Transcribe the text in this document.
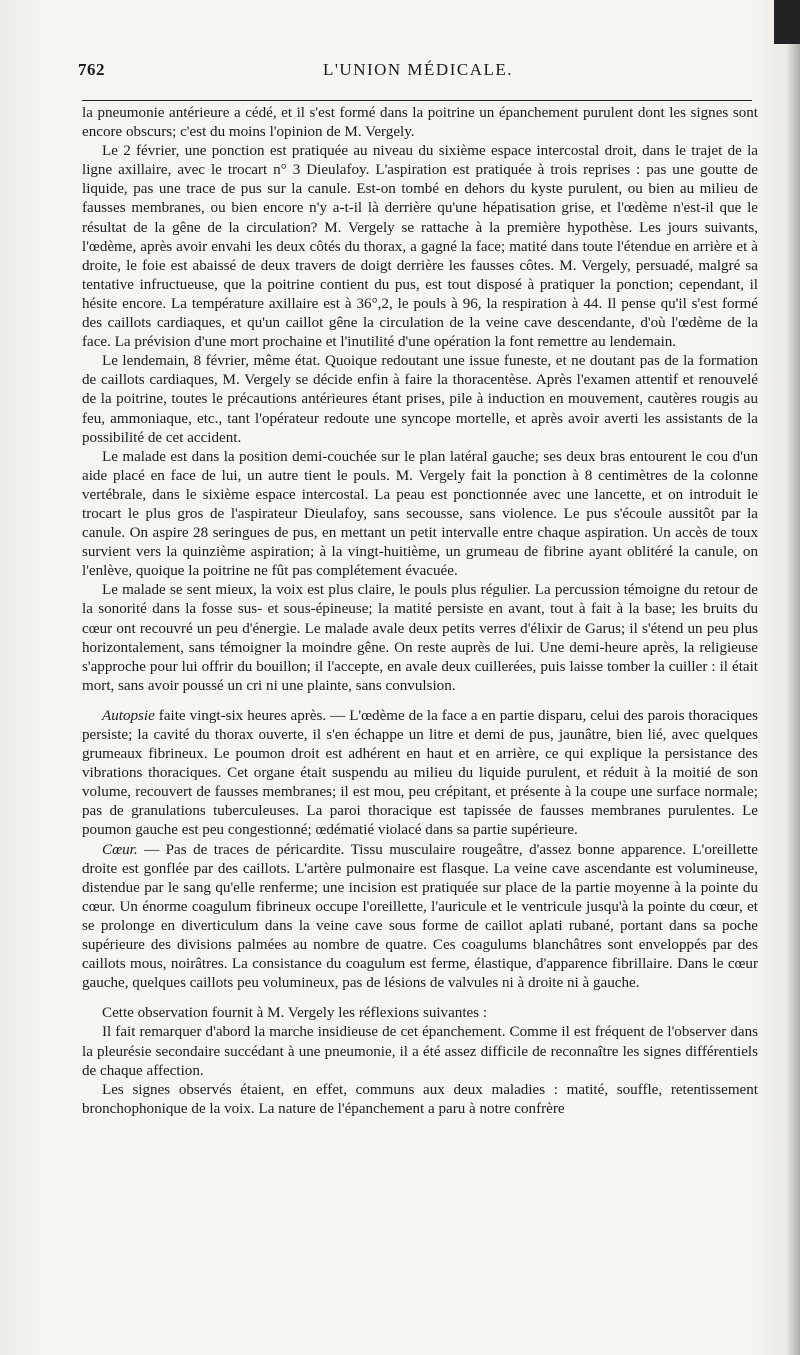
762	L'UNION MÉDICALE.

la pneumonie antérieure a cédé, et il s'est formé dans la poitrine un épanchement purulent dont les signes sont encore obscurs; c'est du moins l'opinion de M. Vergely.

Le 2 février, une ponction est pratiquée au niveau du sixième espace intercostal droit, dans le trajet de la ligne axillaire, avec le trocart n° 3 Dieulafoy. L'aspiration est pratiquée à trois reprises : pas une goutte de liquide, pas une trace de pus sur la canule. Est-on tombé en dehors du kyste purulent, ou bien au milieu de fausses membranes, ou bien encore n'y a-t-il là derrière qu'une hépatisation grise, et l'œdème n'est-il que le résultat de la gêne de la circulation? M. Vergely se rattache à la première hypothèse. Les jours suivants, l'œdème, après avoir envahi les deux côtés du thorax, a gagné la face; matité dans toute l'étendue en arrière et à droite, le foie est abaissé de deux travers de doigt derrière les fausses côtes. M. Vergely, persuadé, malgré sa tentative infructueuse, que la poitrine contient du pus, est tout disposé à pratiquer la ponction; cependant, il hésite encore. La température axillaire est à 36°,2, le pouls à 96, la respiration à 44. Il pense qu'il s'est formé des caillots cardiaques, et qu'un caillot gêne la circulation de la veine cave descendante, d'où l'œdème de la face. La prévision d'une mort prochaine et l'inutilité d'une opération la font remettre au lendemain.

Le lendemain, 8 février, même état. Quoique redoutant une issue funeste, et ne doutant pas de la formation de caillots cardiaques, M. Vergely se décide enfin à faire la thoracentèse. Après l'examen attentif et renouvelé de la poitrine, toutes le précautions antérieures étant prises, pile à induction en mouvement, cautères rougis au feu, ammoniaque, etc., tant l'opérateur redoute une syncope mortelle, et après avoir averti les assistants de la possibilité de cet accident.

Le malade est dans la position demi-couchée sur le plan latéral gauche; ses deux bras entourent le cou d'un aide placé en face de lui, un autre tient le pouls. M. Vergely fait la ponction à 8 centimètres de la colonne vertébrale, dans le sixième espace intercostal. La peau est ponctionnée avec une lancette, et on introduit le trocart le plus gros de l'aspirateur Dieulafoy, sans secousse, sans violence. Le pus s'écoule aussitôt par la canule. On aspire 28 seringues de pus, en mettant un petit intervalle entre chaque aspiration. Un accès de toux survient vers la quinzième aspiration; à la vingt-huitième, un grumeau de fibrine ayant oblitéré la canule, on l'enlève, quoique la poitrine ne fût pas complétement évacuée.

Le malade se sent mieux, la voix est plus claire, le pouls plus régulier. La percussion témoigne du retour de la sonorité dans la fosse sus- et sous-épineuse; la matité persiste en avant, tout à fait à la base; les bruits du cœur ont recouvré un peu d'énergie. Le malade avale deux petits verres d'élixir de Garus; il s'étend un peu plus horizontalement, sans témoigner la moindre gêne. On reste auprès de lui. Une demi-heure après, la religieuse s'approche pour lui offrir du bouillon; il l'accepte, en avale deux cuillerées, puis laisse tomber la cuiller : il était mort, sans avoir poussé un cri ni une plainte, sans convulsion.

Autopsie faite vingt-six heures après. — L'œdème de la face a en partie disparu, celui des parois thoraciques persiste; la cavité du thorax ouverte, il s'en échappe un litre et demi de pus, jaunâtre, bien lié, avec quelques grumeaux fibrineux. Le poumon droit est adhérent en haut et en arrière, ce qui explique la persistance des vibrations thoraciques. Cet organe était suspendu au milieu du liquide purulent, et réduit à la moitié de son volume, recouvert de fausses membranes; il est mou, peu crépitant, et présente à la coupe une surface normale; pas de granulations tuberculeuses. La paroi thoracique est tapissée de fausses membranes purulentes. Le poumon gauche est peu congestionné; œdématié violacé dans sa partie supérieure.

Cœur. — Pas de traces de péricardite. Tissu musculaire rougeâtre, d'assez bonne apparence. L'oreillette droite est gonflée par des caillots. L'artère pulmonaire est flasque. La veine cave ascendante est volumineuse, distendue par le sang qu'elle renferme; une incision est pratiquée sur place de la partie moyenne à la pointe du cœur. Un énorme coagulum fibrineux occupe l'oreillette, l'auricule et le ventricule jusqu'à la pointe du cœur, et se prolonge en diverticulum dans la veine cave sous forme de caillot aplati rubané, portant dans sa poche supérieure des divisions palmées au nombre de quatre. Ces coagulums blanchâtres sont enveloppés par des caillots mous, noirâtres. La consistance du coagulum est ferme, élastique, d'apparence fibrillaire. Dans le cœur gauche, quelques caillots peu volumineux, pas de lésions de valvules ni à droite ni à gauche.

Cette observation fournit à M. Vergely les réflexions suivantes :

Il fait remarquer d'abord la marche insidieuse de cet épanchement. Comme il est fréquent de l'observer dans la pleurésie secondaire succédant à une pneumonie, il a été assez difficile de reconnaître les signes différentiels de chaque affection.

Les signes observés étaient, en effet, communs aux deux maladies : matité, souffle, retentissement bronchophonique de la voix. La nature de l'épanchement a paru à notre confrère
